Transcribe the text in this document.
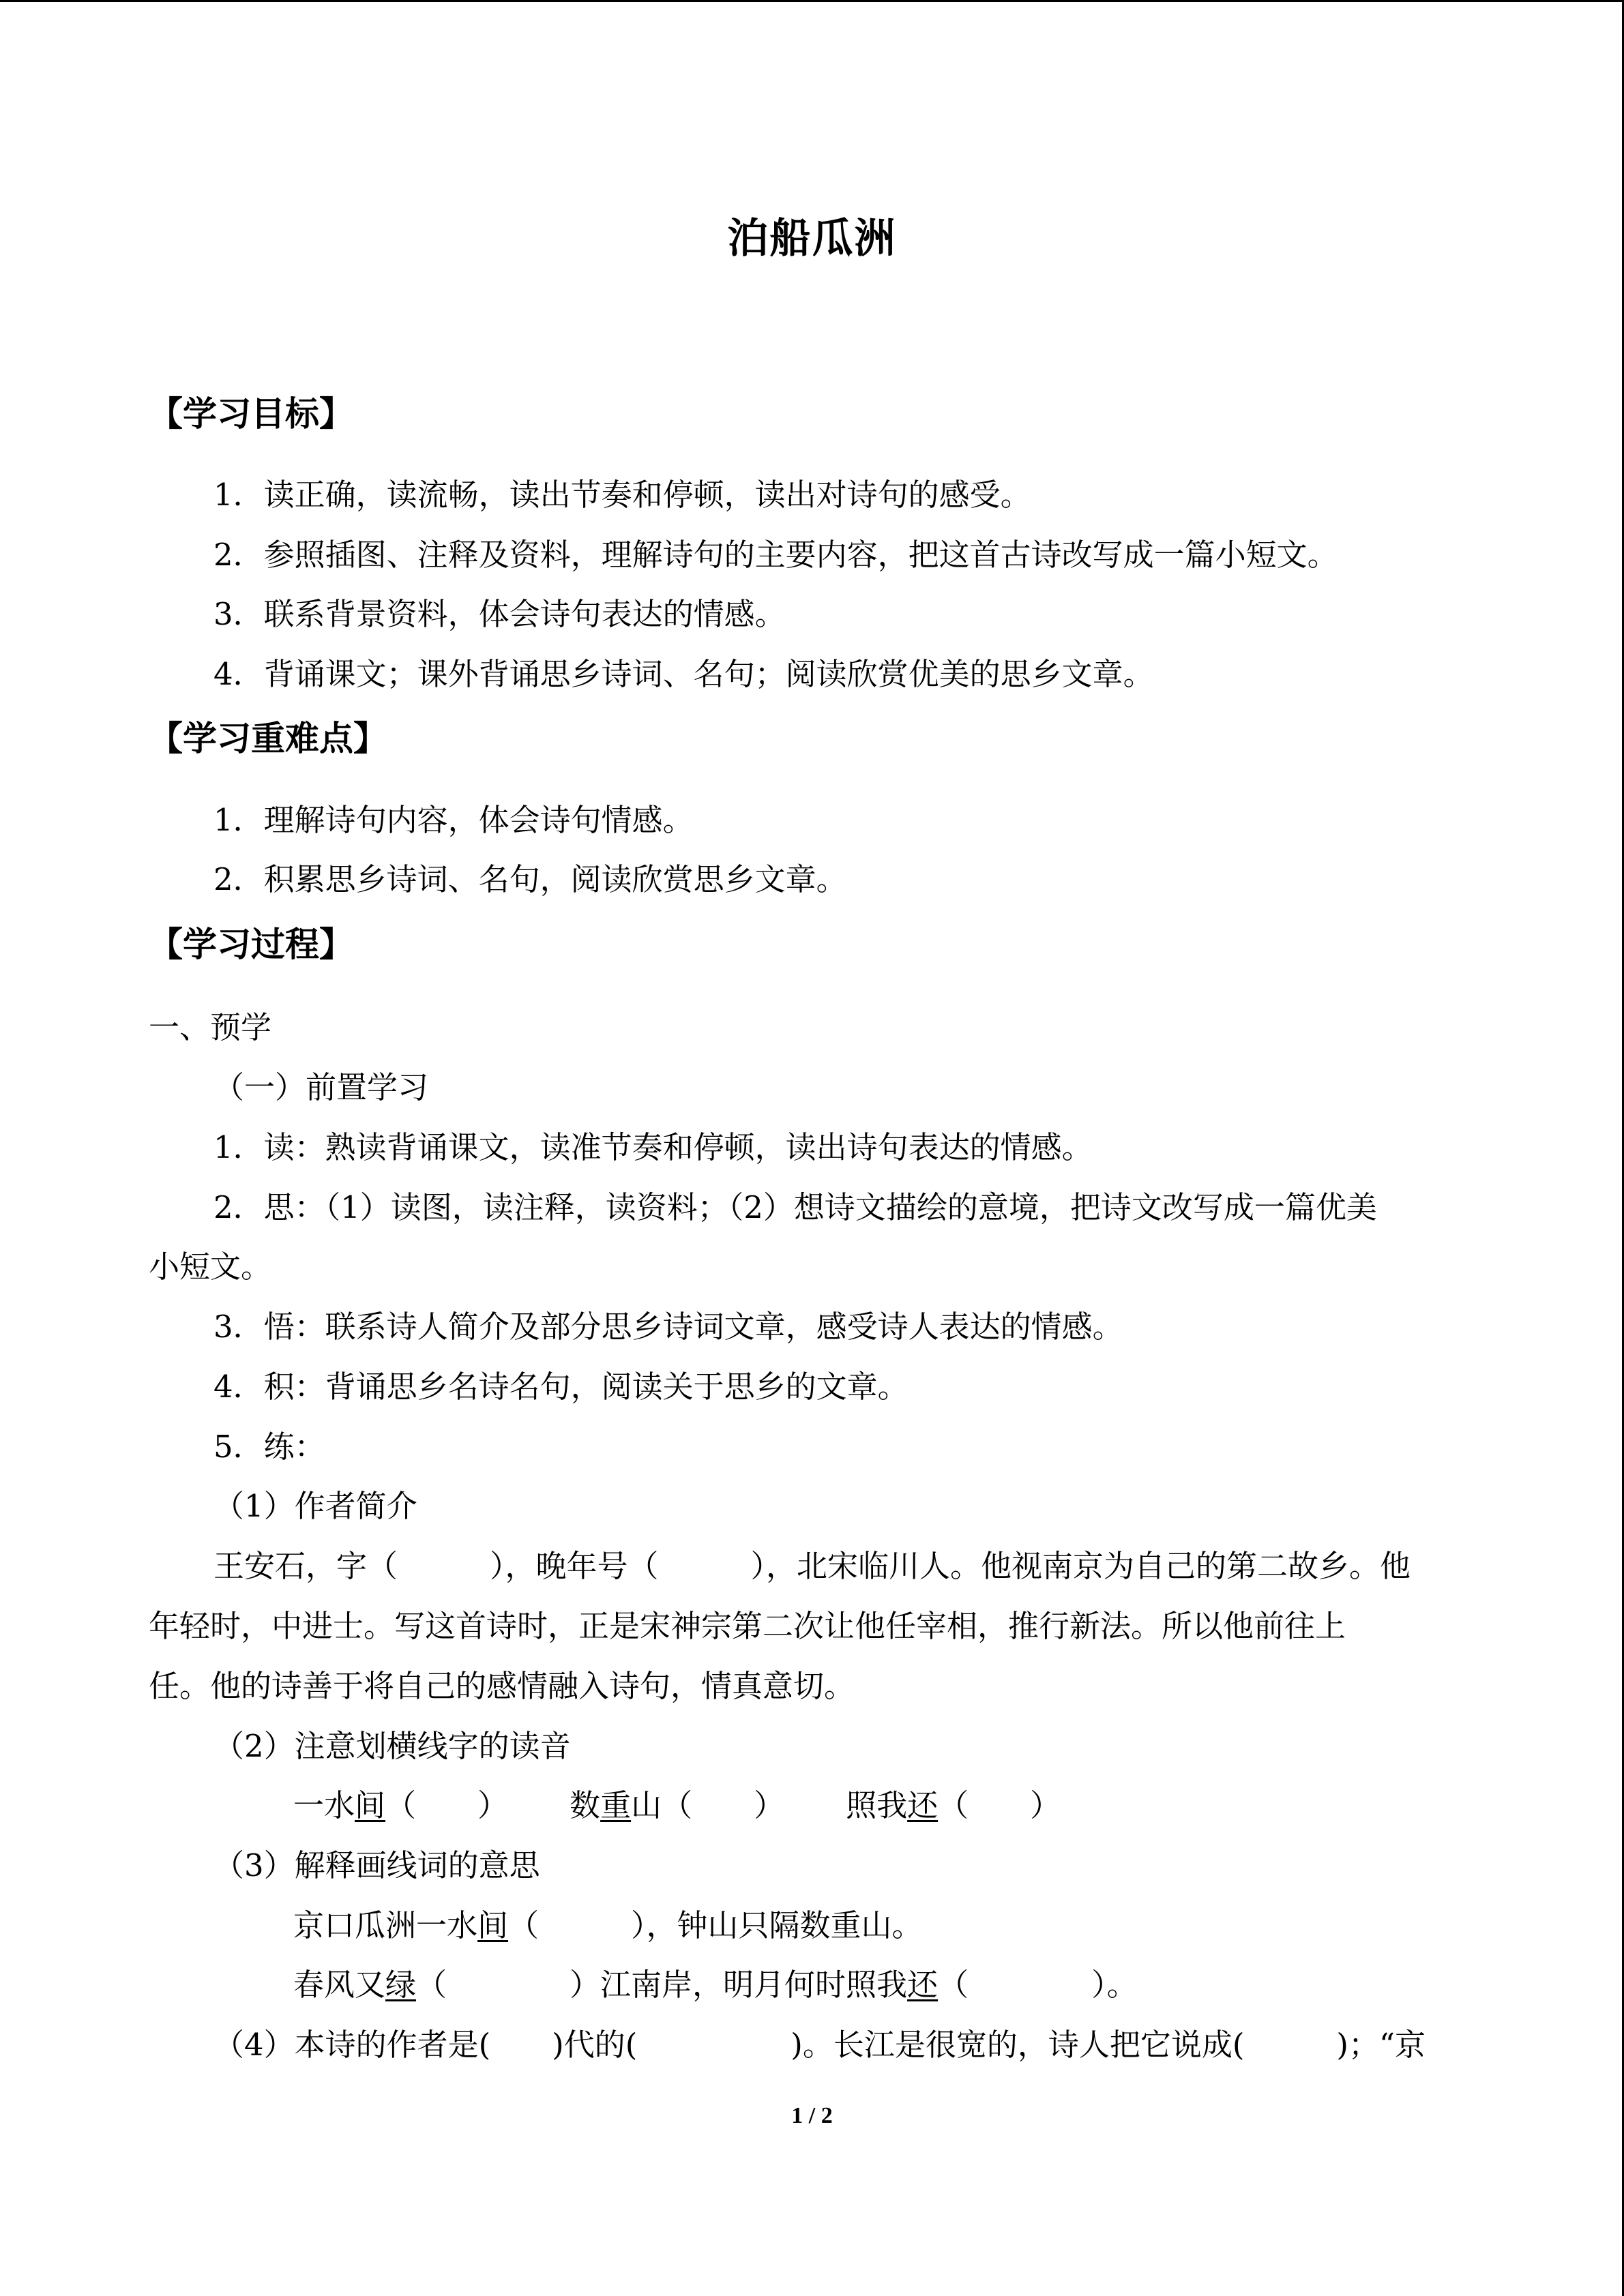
泊船瓜洲
【学习目标】
1．读正确，读流畅，读出节奏和停顿，读出对诗句的感受。
2．参照插图、注释及资料，理解诗句的主要内容，把这首古诗改写成一篇小短文。
3．联系背景资料，体会诗句表达的情感。
4．背诵课文；课外背诵思乡诗词、名句；阅读欣赏优美的思乡文章。
【学习重难点】
1．理解诗句内容，体会诗句情感。
2．积累思乡诗词、名句，阅读欣赏思乡文章。
【学习过程】
一、预学
（一）前置学习
1．读：熟读背诵课文，读准节奏和停顿，读出诗句表达的情感。
2．思：（1）读图，读注释，读资料；（2）想诗文描绘的意境，把诗文改写成一篇优美
小短文。
3．悟：联系诗人简介及部分思乡诗词文章，感受诗人表达的情感。
4．积：背诵思乡名诗名句，阅读关于思乡的文章。
5．练：
（1）作者简介
王安石，字（　　　），晚年号（　　　），北宋临川人。他视南京为自己的第二故乡。他
年轻时，中进士。写这首诗时，正是宋神宗第二次让他任宰相，推行新法。所以他前往上
任。他的诗善于将自己的感情融入诗句，情真意切。
（2）注意划横线字的读音
一水间（　　） 数重山（　　） 照我还（　　）
（3）解释画线词的意思
京口瓜洲一水间（　　　），钟山只隔数重山。
春风又绿（　　　　）江南岸，明月何时照我还（　　　　）。
（4）本诗的作者是(　　)代的(　　　　　)。长江是很宽的，诗人把它说成(　　　)；“京
1 / 2
